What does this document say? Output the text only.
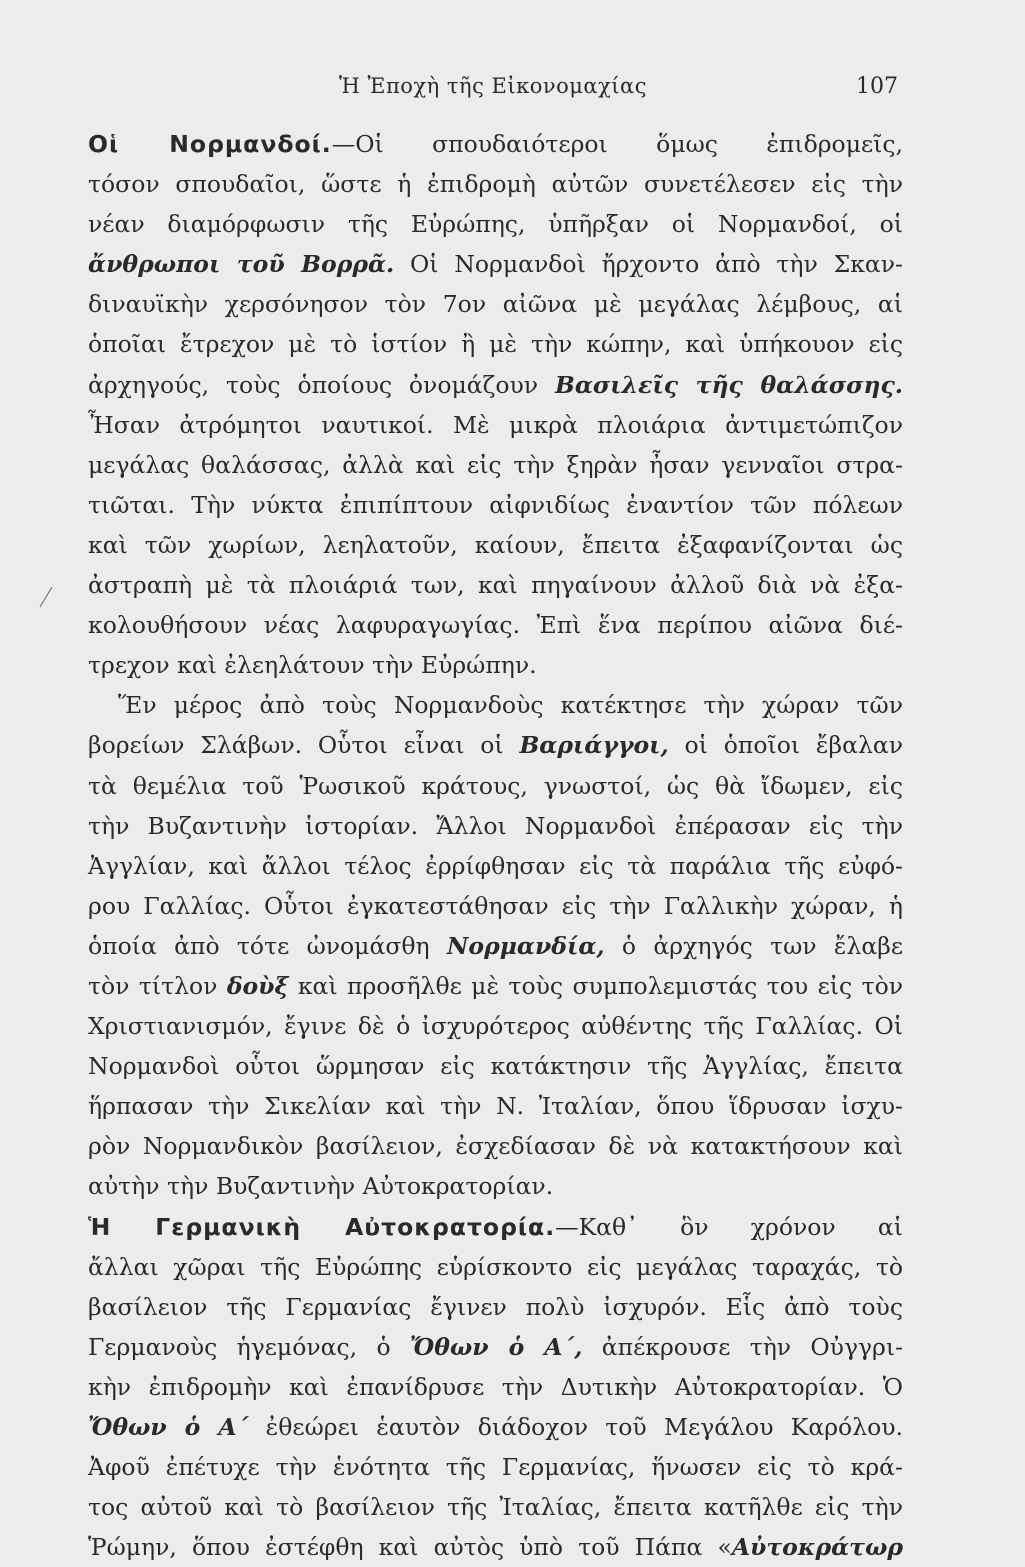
Ἡ Ἐποχὴ τῆς Εἰκονομαχίας	107
Οἱ Νορμανδοί.—Οἱ σπουδαιότεροι ὅμως ἐπιδρομεῖς,
τόσον σπουδαῖοι, ὥστε ἡ ἐπιδρομὴ αὐτῶν συνετέλεσεν εἰς τὴν
νέαν διαμόρφωσιν τῆς Εὐρώπης, ὑπῆρξαν οἱ Νορμανδοί, οἱ
ἄνθρωποι τοῦ Βορρᾶ. Οἱ Νορμανδοὶ ἤρχοντο ἀπὸ τὴν Σκαν-
διναυϊκὴν χερσόνησον τὸν 7ον αἰῶνα μὲ μεγάλας λέμβους, αἱ
ὁποῖαι ἔτρεχον μὲ τὸ ἱστίον ἢ μὲ τὴν κώπην, καὶ ὑπήκουον εἰς
ἀρχηγούς, τοὺς ὁποίους ὀνομάζουν Βασιλεῖς τῆς θαλάσσης.
Ἦσαν ἀτρόμητοι ναυτικοί. Μὲ μικρὰ πλοιάρια ἀντιμετώπιζον
μεγάλας θαλάσσας, ἀλλὰ καὶ εἰς τὴν ξηρὰν ἦσαν γενναῖοι στρα-
τιῶται. Τὴν νύκτα ἐπιπίπτουν αἰφνιδίως ἐναντίον τῶν πόλεων
καὶ τῶν χωρίων, λεηλατοῦν, καίουν, ἔπειτα ἐξαφανίζονται ὡς
ἀστραπὴ μὲ τὰ πλοιάριά των, καὶ πηγαίνουν ἀλλοῦ διὰ νὰ ἐξα-
κολουθήσουν νέας λαφυραγωγίας. Ἐπὶ ἕνα περίπου αἰῶνα διέ-
τρεχον καὶ ἐλεηλάτουν τὴν Εὐρώπην.
Ἕν μέρος ἀπὸ τοὺς Νορμανδοὺς κατέκτησε τὴν χώραν τῶν
βορείων Σλάβων. Οὗτοι εἶναι οἱ Βαριάγγοι, οἱ ὁποῖοι ἔβαλαν
τὰ θεμέλια τοῦ Ῥωσικοῦ κράτους, γνωστοί, ὡς θὰ ἴδωμεν, εἰς
τὴν Βυζαντινὴν ἱστορίαν. Ἄλλοι Νορμανδοὶ ἐπέρασαν εἰς τὴν
Ἀγγλίαν, καὶ ἄλλοι τέλος ἐρρίφθησαν εἰς τὰ παράλια τῆς εὐφό-
ρου Γαλλίας. Οὗτοι ἐγκατεστάθησαν εἰς τὴν Γαλλικὴν χώραν, ἡ
ὁποία ἀπὸ τότε ὠνομάσθη Νορμανδία, ὁ ἀρχηγός των ἔλαβε
τὸν τίτλον δοὺξ καὶ προσῆλθε μὲ τοὺς συμπολεμιστάς του εἰς τὸν
Χριστιανισμόν, ἔγινε δὲ ὁ ἰσχυρότερος αὐθέντης τῆς Γαλλίας. Οἱ
Νορμανδοὶ οὗτοι ὥρμησαν εἰς κατάκτησιν τῆς Ἀγγλίας, ἔπειτα
ἥρπασαν τὴν Σικελίαν καὶ τὴν Ν. Ἰταλίαν, ὅπου ἵδρυσαν ἰσχυ-
ρὸν Νορμανδικὸν βασίλειον, ἐσχεδίασαν δὲ νὰ κατακτήσουν καὶ
αὐτὴν τὴν Βυζαντινὴν Αὐτοκρατορίαν.
Ἡ Γερμανικὴ Αὐτοκρατορία.—Καθ᾽ ὃν χρόνον αἱ
ἄλλαι χῶραι τῆς Εὐρώπης εὑρίσκοντο εἰς μεγάλας ταραχάς, τὸ
βασίλειον τῆς Γερμανίας ἔγινεν πολὺ ἰσχυρόν. Εἷς ἀπὸ τοὺς
Γερμανοὺς ἡγεμόνας, ὁ Ὄθων ὁ Α΄, ἀπέκρουσε τὴν Οὐγγρι-
κὴν ἐπιδρομὴν καὶ ἐπανίδρυσε τὴν Δυτικὴν Αὐτοκρατορίαν. Ὁ
Ὄθων ὁ Α΄ ἐθεώρει ἑαυτὸν διάδοχον τοῦ Μεγάλου Καρόλου.
Ἀφοῦ ἐπέτυχε τὴν ἑνότητα τῆς Γερμανίας, ἥνωσεν εἰς τὸ κρά-
τος αὐτοῦ καὶ τὸ βασίλειον τῆς Ἰταλίας, ἔπειτα κατῆλθε εἰς τὴν
Ῥώμην, ὅπου ἐστέφθη καὶ αὐτὸς ὑπὸ τοῦ Πάπα «Αὐτοκράτωρ
